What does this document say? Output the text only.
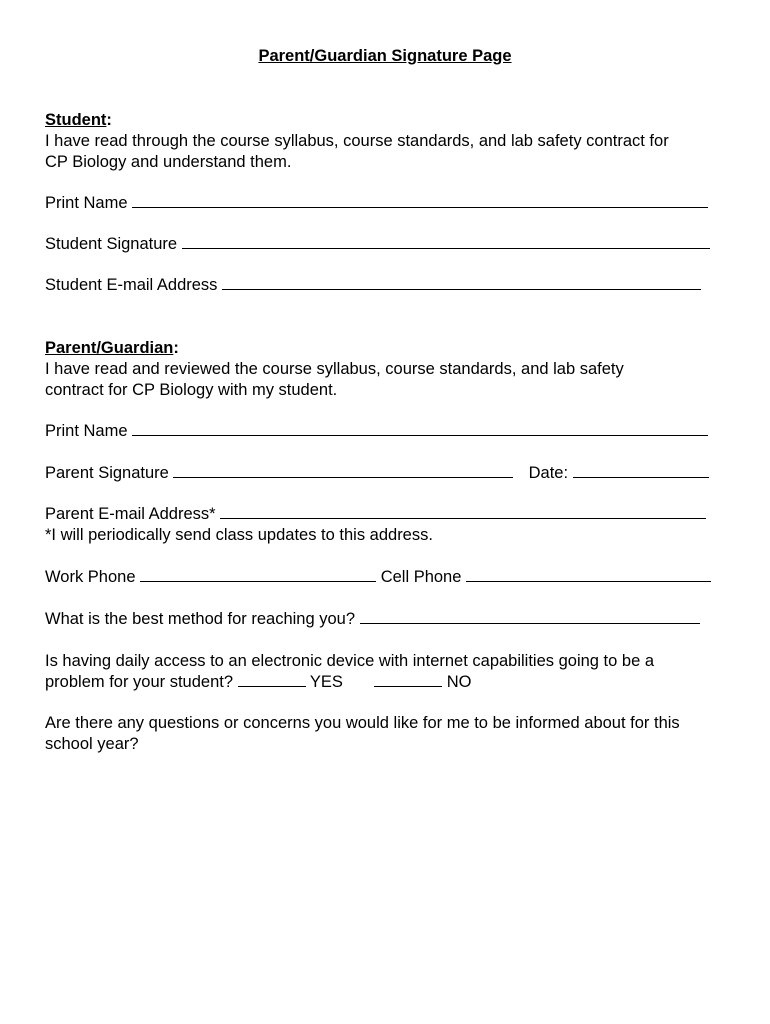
Parent/Guardian Signature Page
Student:
I have read through the course syllabus, course standards, and lab safety contract for
CP Biology and understand them.
Print Name
Student Signature
Student E-mail Address
Parent/Guardian:
I have read and reviewed the course syllabus, course standards, and lab safety
contract for CP Biology with my student.
Print Name
Parent Signature	Date:
Parent E-mail Address*
*I will periodically send class updates to this address.
Work Phone	Cell Phone
What is the best method for reaching you?
Is having daily access to an electronic device with internet capabilities going to be a
problem for your student?	YES	NO
Are there any questions or concerns you would like for me to be informed about for this
school year?
